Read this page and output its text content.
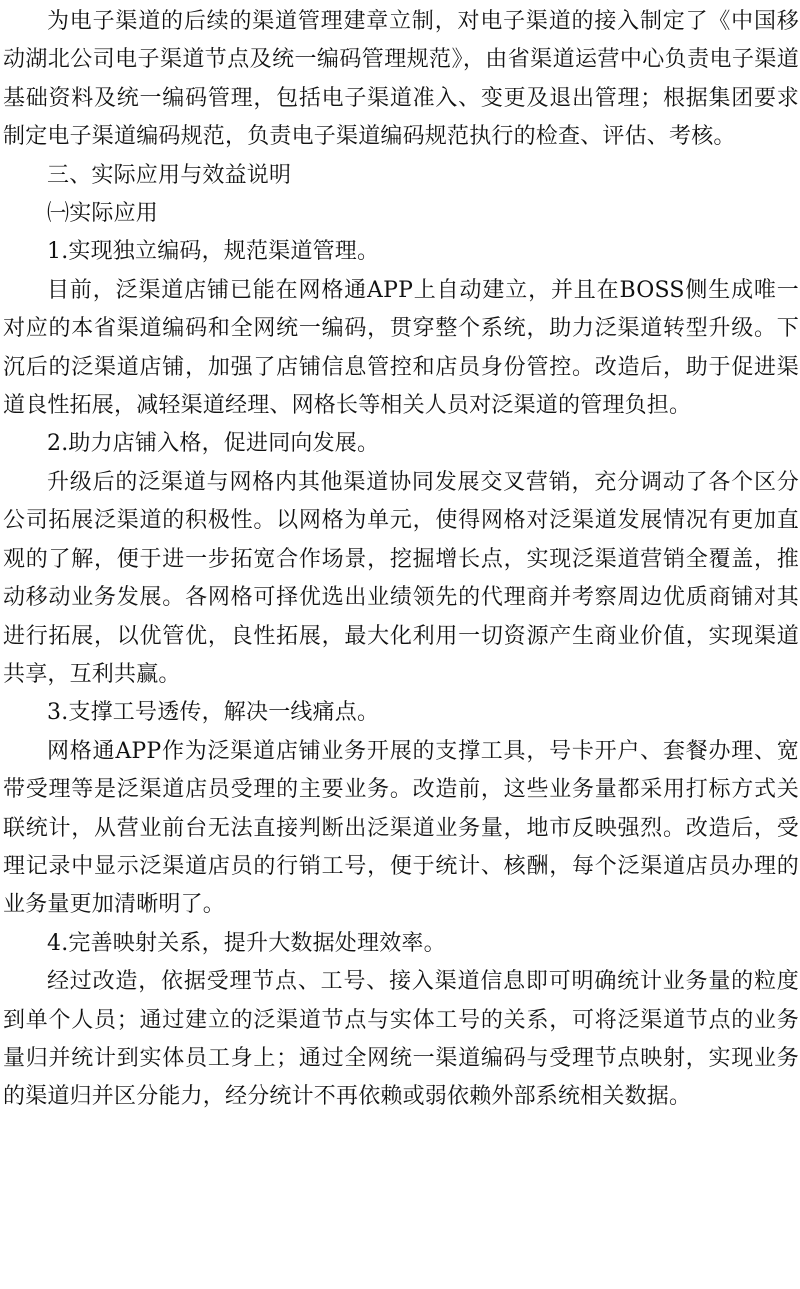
为电子渠道的后续的渠道管理建章立制，对电子渠道的接入制定了《中国移动湖北公司电子渠道节点及统一编码管理规范》，由省渠道运营中心负责电子渠道基础资料及统一编码管理，包括电子渠道准入、变更及退出管理；根据集团要求制定电子渠道编码规范，负责电子渠道编码规范执行的检查、评估、考核。

三、实际应用与效益说明

㈠实际应用

1.实现独立编码，规范渠道管理。

目前，泛渠道店铺已能在网格通APP上自动建立，并且在BOSS侧生成唯一对应的本省渠道编码和全网统一编码，贯穿整个系统，助力泛渠道转型升级。下沉后的泛渠道店铺，加强了店铺信息管控和店员身份管控。改造后，助于促进渠道良性拓展，减轻渠道经理、网格长等相关人员对泛渠道的管理负担。

2.助力店铺入格，促进同向发展。

升级后的泛渠道与网格内其他渠道协同发展交叉营销，充分调动了各个区分公司拓展泛渠道的积极性。以网格为单元，使得网格对泛渠道发展情况有更加直观的了解，便于进一步拓宽合作场景，挖掘增长点，实现泛渠道营销全覆盖，推动移动业务发展。各网格可择优选出业绩领先的代理商并考察周边优质商铺对其进行拓展，以优管优，良性拓展，最大化利用一切资源产生商业价值，实现渠道共享，互利共赢。

3.支撑工号透传，解决一线痛点。

网格通APP作为泛渠道店铺业务开展的支撑工具，号卡开户、套餐办理、宽带受理等是泛渠道店员受理的主要业务。改造前，这些业务量都采用打标方式关联统计，从营业前台无法直接判断出泛渠道业务量，地市反映强烈。改造后，受理记录中显示泛渠道店员的行销工号，便于统计、核酬，每个泛渠道店员办理的业务量更加清晰明了。

4.完善映射关系，提升大数据处理效率。

经过改造，依据受理节点、工号、接入渠道信息即可明确统计业务量的粒度到单个人员；通过建立的泛渠道节点与实体工号的关系，可将泛渠道节点的业务量归并统计到实体员工身上；通过全网统一渠道编码与受理节点映射，实现业务的渠道归并区分能力，经分统计不再依赖或弱依赖外部系统相关数据。
